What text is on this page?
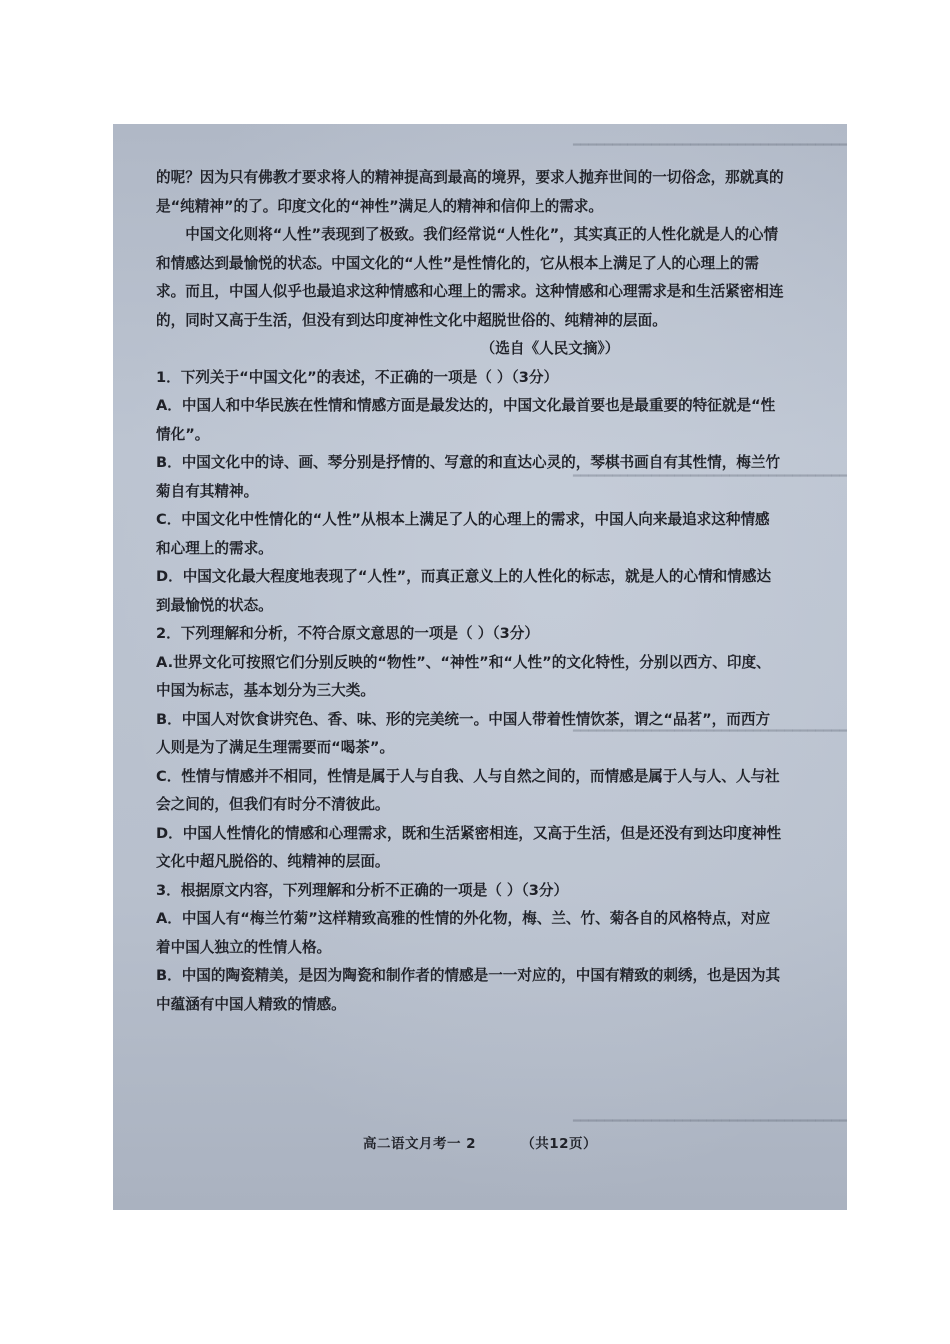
━━━━━━━━━━━━━━━━━━━━━━━━━━━━━━━━━━━
━━━━━━━━━━━━━━━━━━━━━━━━━━━━━━━━━━━
━━━━━━━━━━━━━━━━━━━━━━━━━━━━━━━━━━━
━━━━━━━━━━━━━━━━━━━━━━━━━━━━━━━━━━━

的呢？因为只有佛教才要求将人的精神提高到最高的境界，要求人抛弃世间的一切俗念，那就真的是“纯精神”的了。印度文化的“神性”满足人的精神和信仰上的需求。

中国文化则将“人性”表现到了极致。我们经常说“人性化”，其实真正的人性化就是人的心情和情感达到最愉悦的状态。中国文化的“人性”是性情化的，它从根本上满足了人的心理上的需求。而且，中国人似乎也最追求这种情感和心理上的需求。这种情感和心理需求是和生活紧密相连的，同时又高于生活，但没有到达印度神性文化中超脱世俗的、纯精神的层面。

（选自《人民文摘》）

1．下列关于“中国文化”的表述，不正确的一项是（ ）（3分）

A．中国人和中华民族在性情和情感方面是最发达的，中国文化最首要也是最重要的特征就是“性情化”。

B．中国文化中的诗、画、琴分别是抒情的、写意的和直达心灵的，琴棋书画自有其性情，梅兰竹菊自有其精神。

C．中国文化中性情化的“人性”从根本上满足了人的心理上的需求，中国人向来最追求这种情感和心理上的需求。

D．中国文化最大程度地表现了“人性”，而真正意义上的人性化的标志，就是人的心情和情感达到最愉悦的状态。

2．下列理解和分析，不符合原文意思的一项是（ ）（3分）

A.世界文化可按照它们分别反映的“物性”、“神性”和“人性”的文化特性，分别以西方、印度、中国为标志，基本划分为三大类。

B．中国人对饮食讲究色、香、味、形的完美统一。中国人带着性情饮茶，谓之“品茗”，而西方人则是为了满足生理需要而“喝茶”。

C．性情与情感并不相同，性情是属于人与自我、人与自然之间的，而情感是属于人与人、人与社会之间的，但我们有时分不清彼此。

D．中国人性情化的情感和心理需求，既和生活紧密相连，又高于生活，但是还没有到达印度神性文化中超凡脱俗的、纯精神的层面。

3．根据原文内容，下列理解和分析不正确的一项是（ ）（3分）

A．中国人有“梅兰竹菊”这样精致高雅的性情的外化物，梅、兰、竹、菊各自的风格特点，对应着中国人独立的性情人格。

B．中国的陶瓷精美，是因为陶瓷和制作者的情感是一一对应的，中国有精致的刺绣，也是因为其中蕴涵有中国人精致的情感。

高二语文月考一 2	（共12页）
